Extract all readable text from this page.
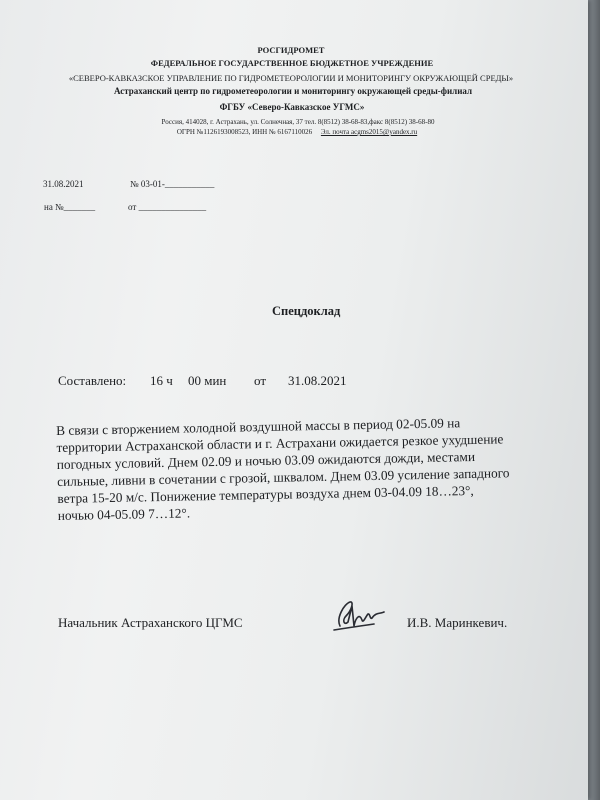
РОСГИДРОМЕТ
ФЕДЕРАЛЬНОЕ ГОСУДАРСТВЕННОЕ БЮДЖЕТНОЕ УЧРЕЖДЕНИЕ
«СЕВЕРО-КАВКАЗСКОЕ УПРАВЛЕНИЕ ПО ГИДРОМЕТЕОРОЛОГИИ И МОНИТОРИНГУ ОКРУЖАЮЩЕЙ СРЕДЫ»
Астраханский центр по гидрометеорологии и мониторингу окружающей среды-филиал
ФГБУ «Северо-Кавказское УГМС»
Россия, 414028, г. Астрахань, ул. Солнечная, 37 тел. 8(8512) 38-68-83,факс 8(8512) 38-68-80
ОГРН №1126193008523, ИНН № 6167110026 Эл. почта acgms2015@yandex.ru
31.08.2021	№ 03-01-___________
на №_______	от _______________
Спецдоклад
Составлено: 16 ч 00 мин от 31.08.2021

В связи с вторжением холодной воздушной массы в период 02-05.09 на

территории Астраханской области и г. Астрахани ожидается резкое ухудшение

погодных условий. Днем 02.09 и ночью 03.09 ожидаются дожди, местами

сильные, ливни в сочетании с грозой, шквалом. Днем 03.09 усиление западного

ветра 15-20 м/с. Понижение температуры воздуха днем 03-04.09 18…23°,

ночью 04-05.09 7…12°.

Начальник Астраханского ЦГМС	И.В. Маринкевич.
